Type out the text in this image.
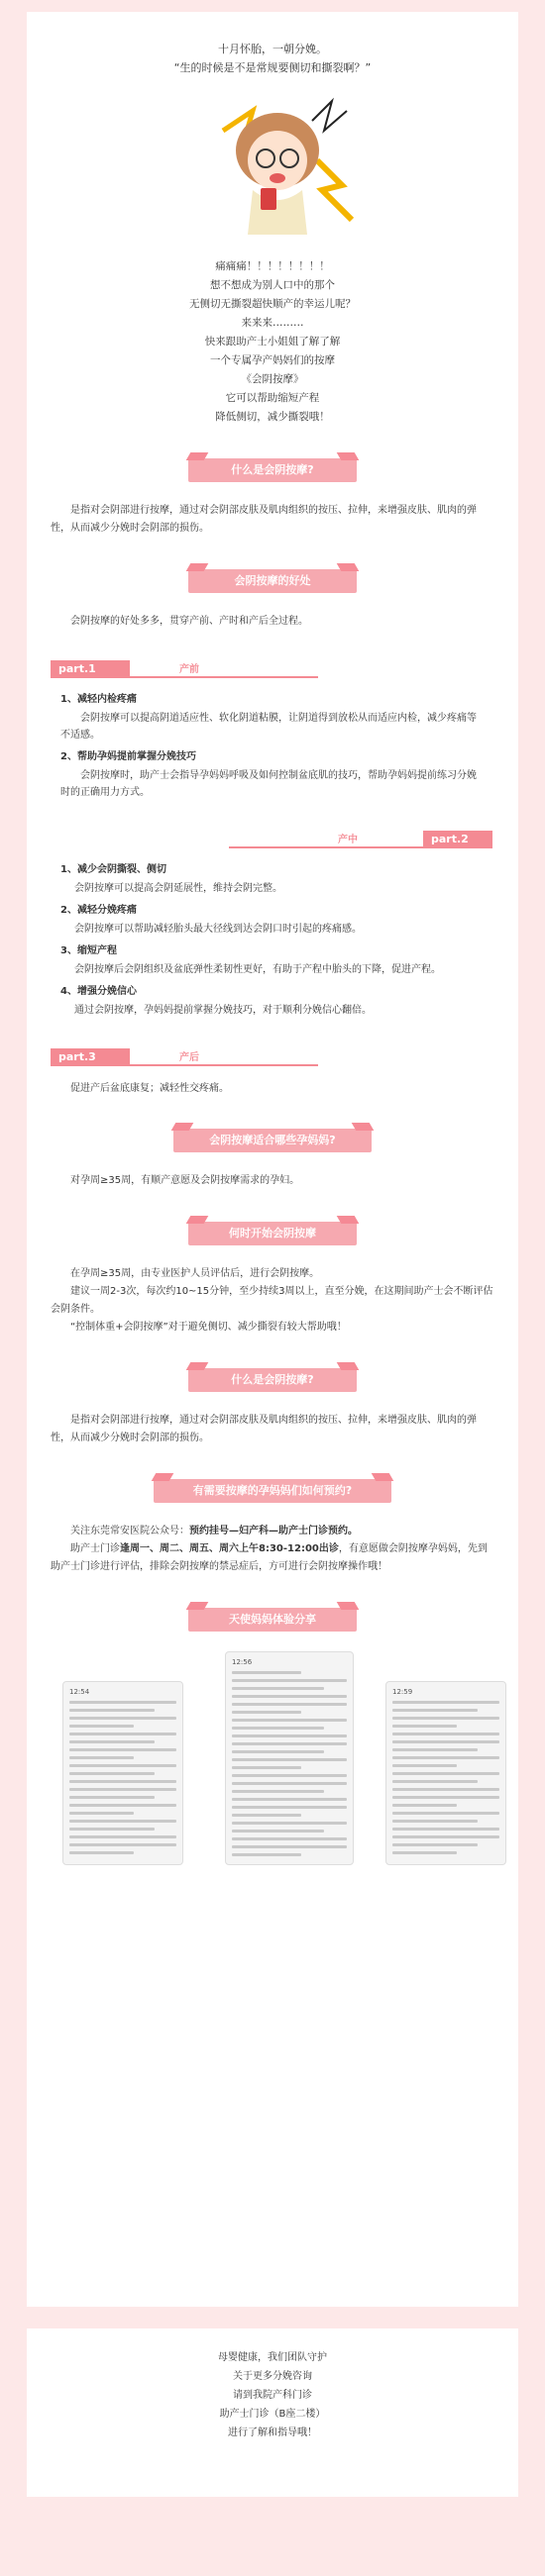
十月怀胎，一朝分娩。

“生的时候是不是常规要侧切和撕裂啊？”

痛痛痛！！！！！！！！

想不想成为别人口中的那个

无侧切无撕裂超快顺产的幸运儿呢？

来来来………

快来跟助产士小姐姐了解了解

一个专属孕产妈妈们的按摩

《会阴按摩》

它可以帮助缩短产程

降低侧切，减少撕裂哦！

什么是会阴按摩?

是指对会阴部进行按摩，通过对会阴部皮肤及肌肉组织的按压、拉伸，来增强皮肤、肌肉的弹性，从而减少分娩时会阴部的损伤。

会阴按摩的好处

会阴按摩的好处多多，贯穿产前、产时和产后全过程。

part.1	产前
1、减轻内检疼痛
会阴按摩可以提高阴道适应性、软化阴道粘膜，让阴道得到放松从而适应内检，减少疼痛等不适感。
2、帮助孕妈提前掌握分娩技巧
会阴按摩时，助产士会指导孕妈妈呼吸及如何控制盆底肌的技巧，帮助孕妈妈提前练习分娩时的正确用力方式。
part.2
产中
1、减少会阴撕裂、侧切
会阴按摩可以提高会阴延展性，维持会阴完整。
2、减轻分娩疼痛
会阴按摩可以帮助减轻胎头最大径线到达会阴口时引起的疼痛感。
3、缩短产程
会阴按摩后会阴组织及盆底弹性柔韧性更好，有助于产程中胎头的下降，促进产程。
4、增强分娩信心
通过会阴按摩，孕妈妈提前掌握分娩技巧，对于顺利分娩信心翻倍。
part.3	产后
促进产后盆底康复；减轻性交疼痛。
会阴按摩适合哪些孕妈妈?

对孕周≥35周，有顺产意愿及会阴按摩需求的孕妇。

何时开始会阴按摩

在孕周≥35周，由专业医护人员评估后，进行会阴按摩。

建议一周2-3次，每次约10~15分钟，至少持续3周以上，直至分娩，在这期间助产士会不断评估会阴条件。

“控制体重+会阴按摩”对于避免侧切、减少撕裂有较大帮助哦！

什么是会阴按摩?

是指对会阴部进行按摩，通过对会阴部皮肤及肌肉组织的按压、拉伸，来增强皮肤、肌肉的弹性，从而减少分娩时会阴部的损伤。

有需要按摩的孕妈妈们如何预约?

关注东莞常安医院公众号：预约挂号—妇产科—助产士门诊预约。

助产士门诊逢周一、周二、周五、周六上午8:30-12:00出诊，有意愿做会阴按摩孕妈妈，先到助产士门诊进行评估，排除会阴按摩的禁忌症后，方可进行会阴按摩操作哦！

天使妈妈体验分享
12:54
12:56
12:59

母婴健康，我们团队守护

关于更多分娩咨询

请到我院产科门诊

助产士门诊（B座二楼）

进行了解和指导哦！
